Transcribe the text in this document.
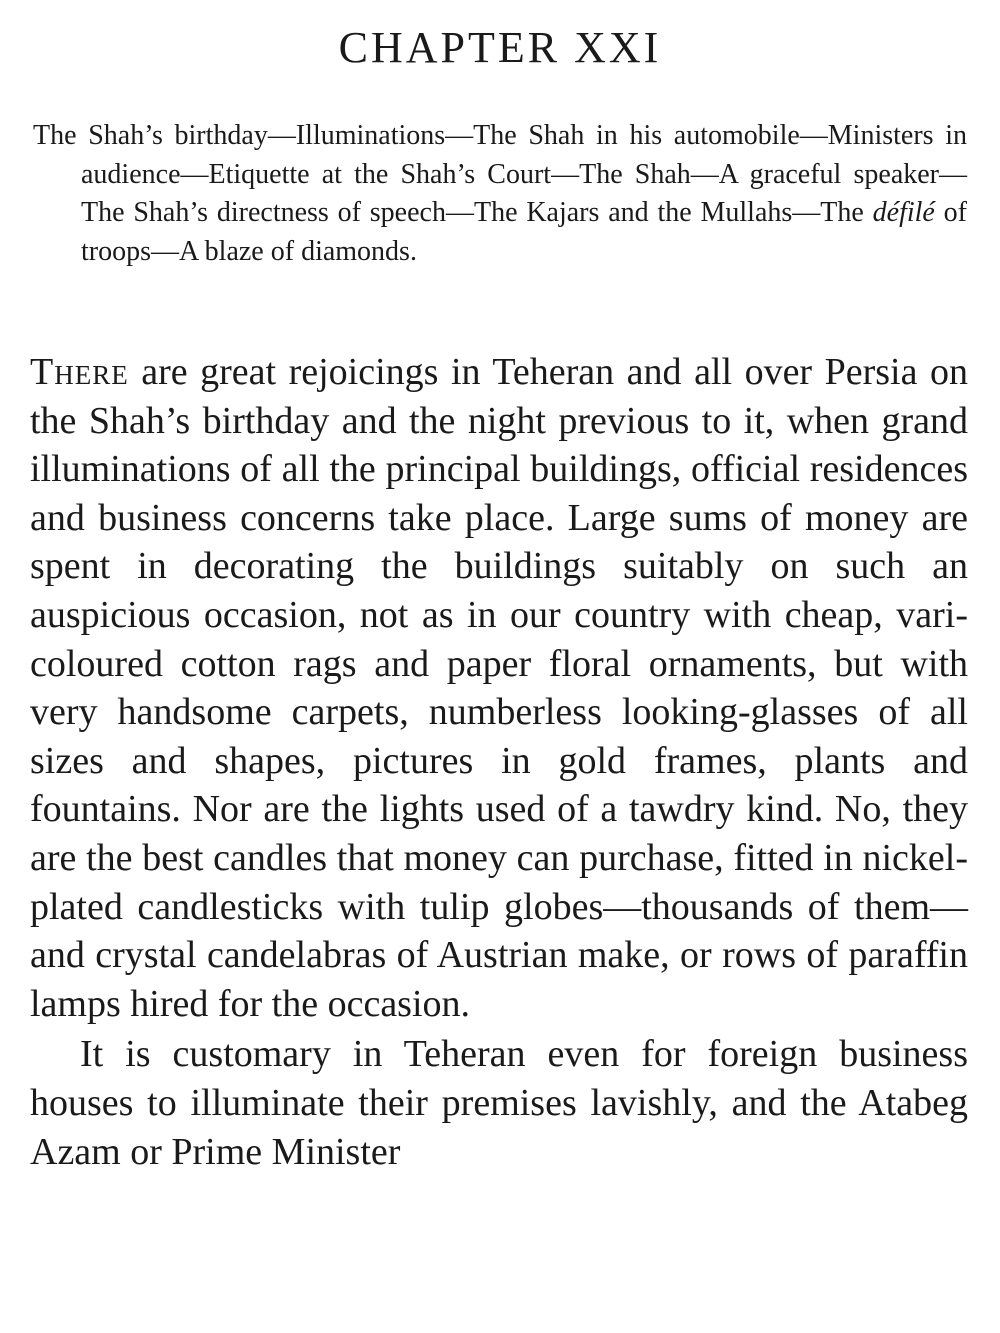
CHAPTER XXI

The Shah’s birthday—Illuminations—The Shah in his automobile—Ministers in audience—Etiquette at the Shah’s Court—The Shah—A graceful speaker—The Shah’s directness of speech—The Kajars and the Mullahs—The défilé of troops—A blaze of diamonds.

There are great rejoicings in Teheran and all over Persia on the Shah’s birthday and the night previous to it, when grand illuminations of all the principal buildings, official residences and business concerns take place. Large sums of money are spent in decorating the buildings suitably on such an auspicious occasion, not as in our country with cheap, vari-coloured cotton rags and paper floral ornaments, but with very handsome carpets, numberless looking-glasses of all sizes and shapes, pictures in gold frames, plants and fountains. Nor are the lights used of a tawdry kind. No, they are the best candles that money can purchase, fitted in nickel-plated candlesticks with tulip globes—thousands of them—and crystal candelabras of Austrian make, or rows of paraffin lamps hired for the occasion.

It is customary in Teheran even for foreign business houses to illuminate their premises lavishly, and the Atabeg Azam or Prime Minister
